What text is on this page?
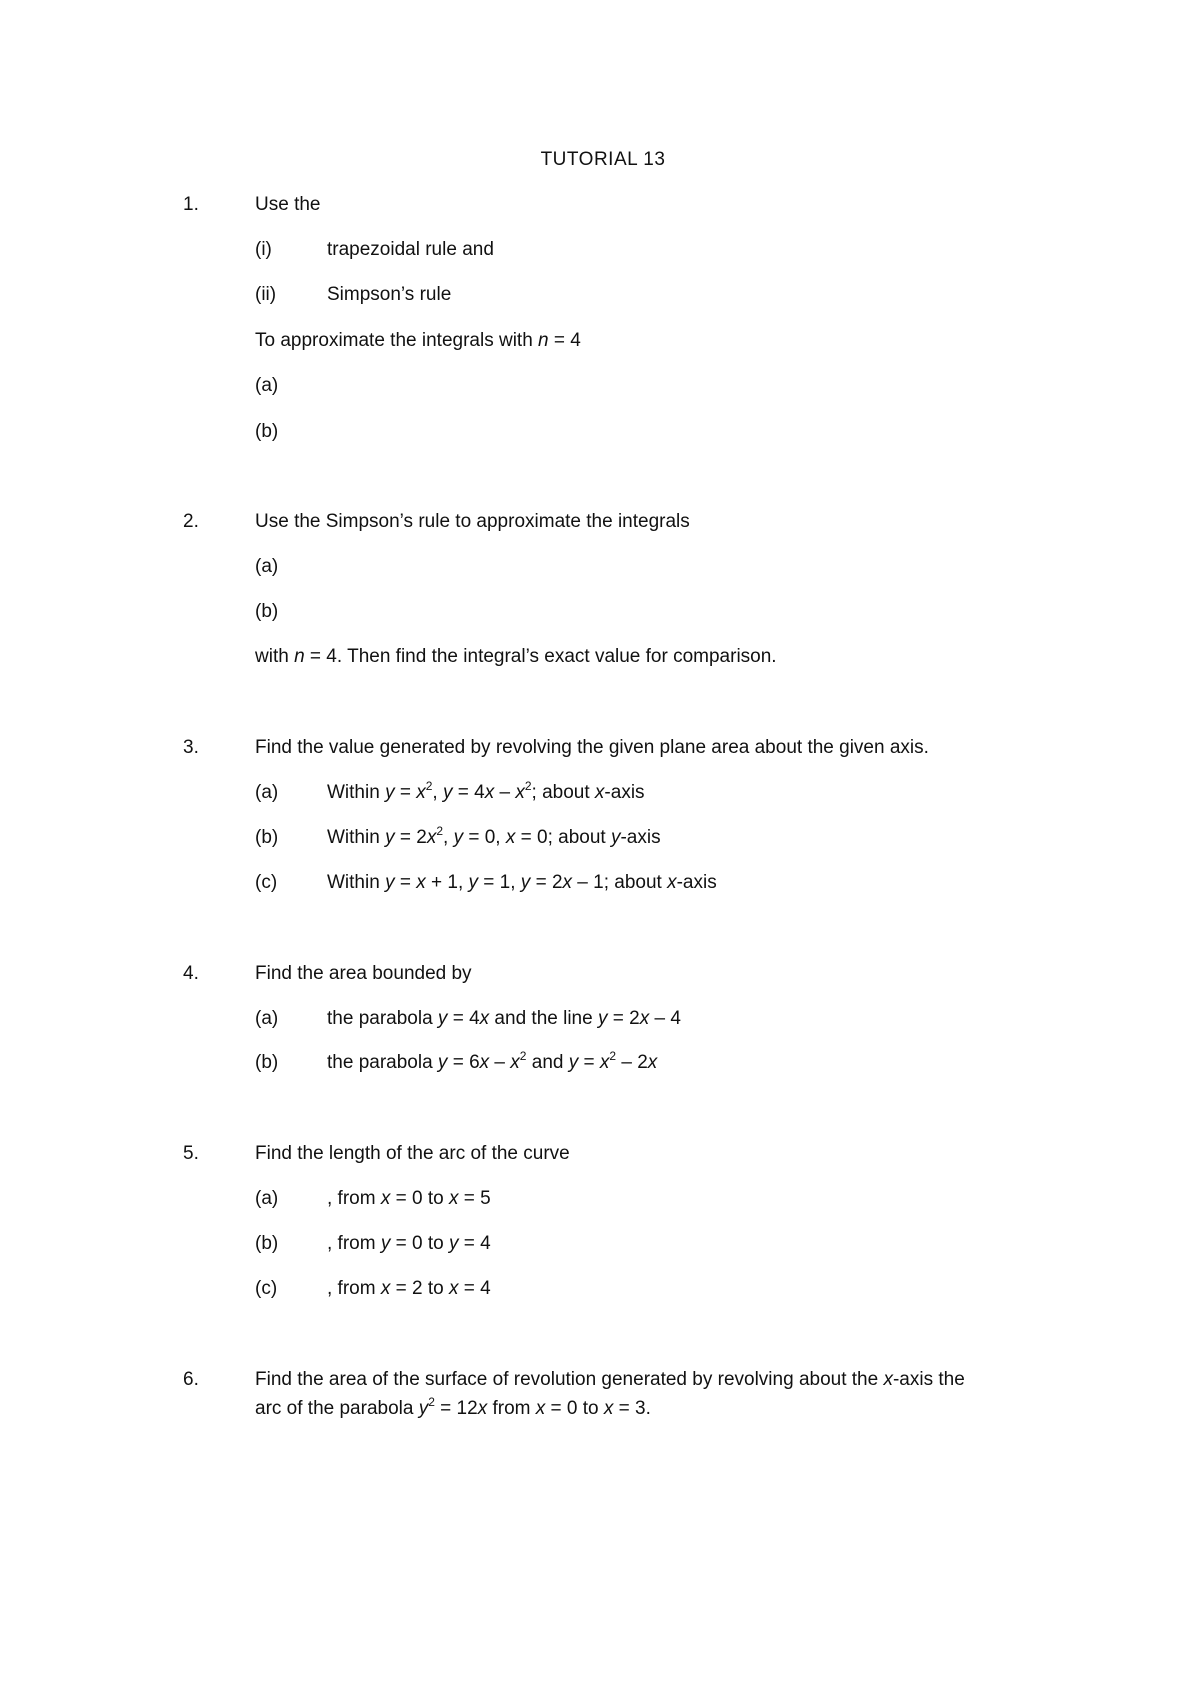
TUTORIAL 13
1.	Use the
(i)	trapezoidal rule and
(ii)	Simpson’s rule
To approximate the integrals with n = 4
(a)
(b)
2.	Use the Simpson’s rule to approximate the integrals
(a)
(b)
with n = 4. Then find the integral’s exact value for comparison.
3.	Find the value generated by revolving the given plane area about the given axis.
(a)	Within $y = x^2$, $y = 4x - x^2$; about x-axis
(b)	Within $y = 2x^2$, y = 0, x = 0; about y-axis
(c)	Within y = x + 1, y = 1, y = 2x – 1; about x-axis
4.	Find the area bounded by
(a)	the parabola y = 4x and the line y = 2x – 4
(b)	the parabola $y = 6x - x^2$ and $y = x^2 - 2x$
5.	Find the length of the arc of the curve
(a)	, from x = 0 to x = 5
(b)	, from y = 0 to y = 4
(c)	, from x = 2 to x = 4
6.	Find the area of the surface of revolution generated by revolving about the x-axis the
arc of the parabola $y^2 = 12x$ from x = 0 to x = 3.
